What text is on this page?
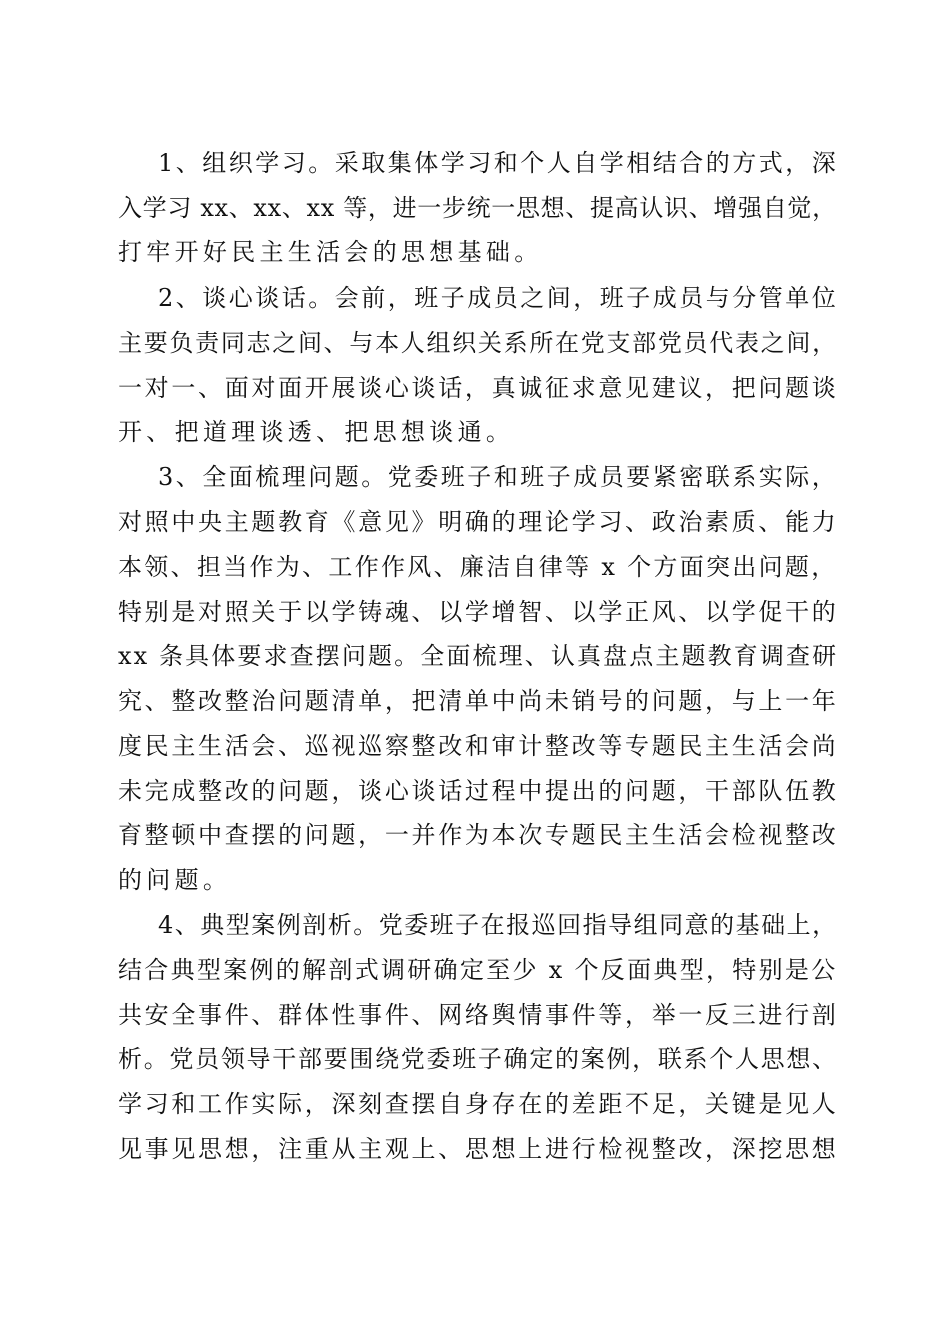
1、组织学习。采取集体学习和个人自学相结合的方式，深
入学习 xx、xx、xx 等，进一步统一思想、提高认识、增强自觉，
打牢开好民主生活会的思想基础。
2、谈心谈话。会前，班子成员之间，班子成员与分管单位
主要负责同志之间、与本人组织关系所在党支部党员代表之间，
一对一、面对面开展谈心谈话，真诚征求意见建议，把问题谈
开、把道理谈透、把思想谈通。
3、全面梳理问题。党委班子和班子成员要紧密联系实际，
对照中央主题教育《意见》明确的理论学习、政治素质、能力
本领、担当作为、工作作风、廉洁自律等 x 个方面突出问题，
特别是对照关于以学铸魂、以学增智、以学正风、以学促干的
xx 条具体要求查摆问题。全面梳理、认真盘点主题教育调查研
究、整改整治问题清单，把清单中尚未销号的问题，与上一年
度民主生活会、巡视巡察整改和审计整改等专题民主生活会尚
未完成整改的问题，谈心谈话过程中提出的问题，干部队伍教
育整顿中查摆的问题，一并作为本次专题民主生活会检视整改
的问题。
4、典型案例剖析。党委班子在报巡回指导组同意的基础上，
结合典型案例的解剖式调研确定至少 x 个反面典型，特别是公
共安全事件、群体性事件、网络舆情事件等，举一反三进行剖
析。党员领导干部要围绕党委班子确定的案例，联系个人思想、
学习和工作实际，深刻查摆自身存在的差距不足，关键是见人
见事见思想，注重从主观上、思想上进行检视整改，深挖思想
